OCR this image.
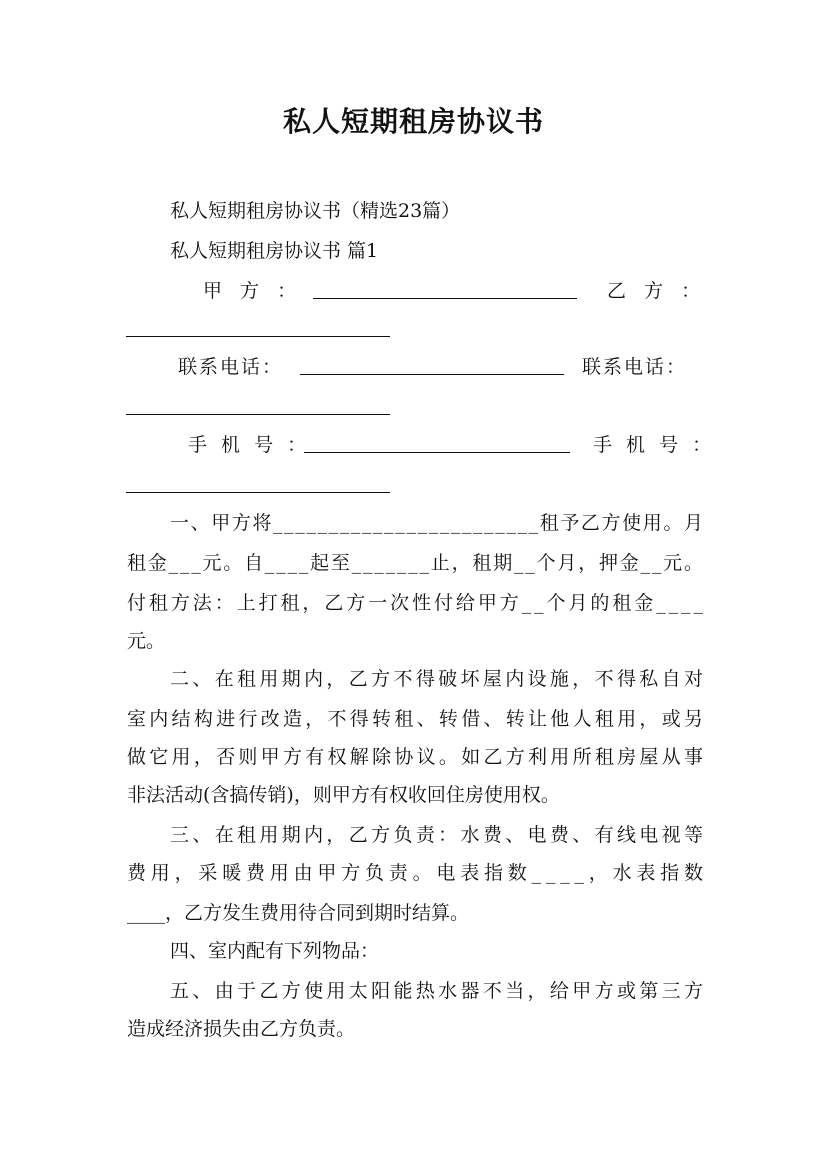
私人短期租房协议书
私人短期租房协议书（精选23篇）
私人短期租房协议书 篇1
甲 方 ：	乙 方 ：
联系电话：	联系电话：
手 机 号 ：	手 机 号 ：
一、甲方将________________________租予乙方使用。月
租金___元。自____起至_______止，租期__个月，押金__元。
付租方法：上打租，乙方一次性付给甲方__个月的租金____
元。
二、在租用期内，乙方不得破坏屋内设施，不得私自对
室内结构进行改造，不得转租、转借、转让他人租用，或另
做它用，否则甲方有权解除协议。如乙方利用所租房屋从事
非法活动(含搞传销)，则甲方有权收回住房使用权。
三、在租用期内，乙方负责：水费、电费、有线电视等
费用，采暖费用由甲方负责。电表指数____，水表指数
____，乙方发生费用待合同到期时结算。
四、室内配有下列物品：
五、由于乙方使用太阳能热水器不当，给甲方或第三方
造成经济损失由乙方负责。
